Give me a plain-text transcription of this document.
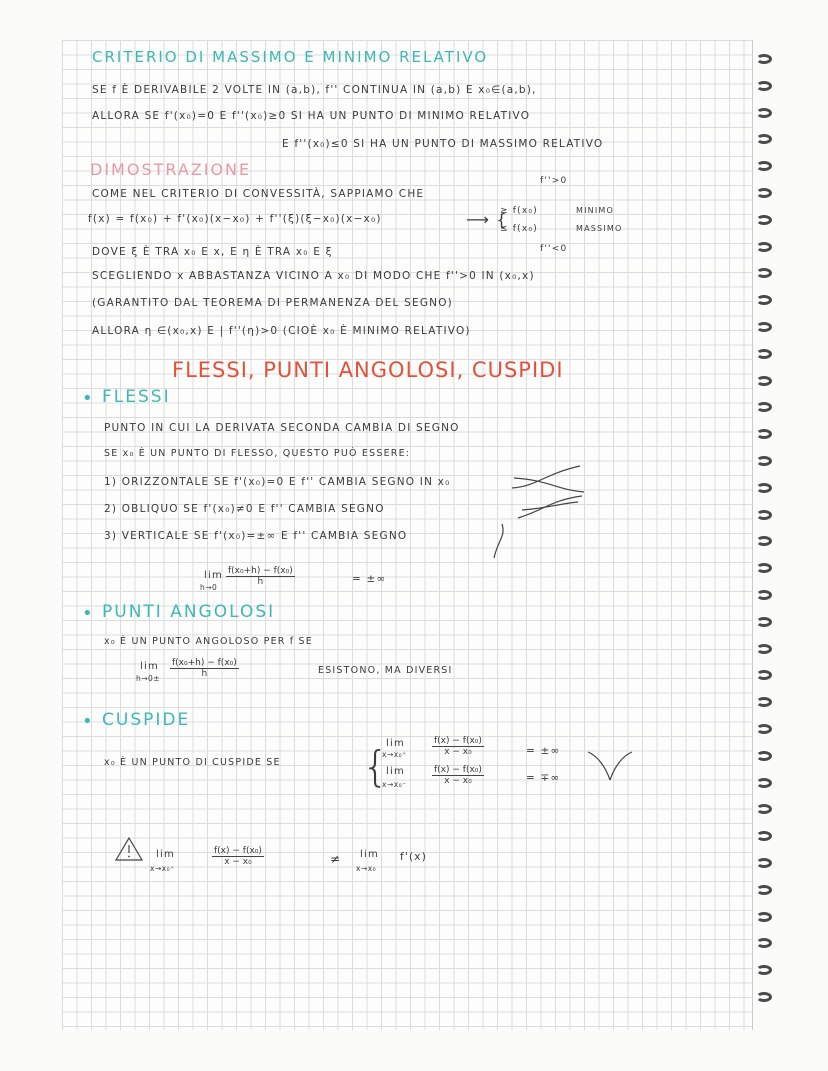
CRITERIO DI MASSIMO E MINIMO RELATIVO
SE f È DERIVABILE 2 VOLTE IN (a,b), f'' CONTINUA IN (a,b) E x₀∈(a,b),
ALLORA SE f'(x₀)=0 E f''(x₀)≥0 SI HA UN PUNTO DI MINIMO RELATIVO
E f''(x₀)≤0 SI HA UN PUNTO DI MASSIMO RELATIVO
DIMOSTRAZIONE
f''>0
COME NEL CRITERIO DI CONVESSITÀ, SAPPIAMO CHE
f(x) = f(x₀) + f'(x₀)(x−x₀) + f''(ξ)(ξ−x₀)(x−x₀)	⟶ {
≥ f(x₀)	MINIMO
≤ f(x₀)	MASSIMO
f''<0
DOVE ξ È TRA x₀ E x, E η È TRA x₀ E ξ
SCEGLIENDO x ABBASTANZA VICINO A x₀ DI MODO CHE f''>0 IN (x₀,x)
(GARANTITO DAL TEOREMA DI PERMANENZA DEL SEGNO)
ALLORA η ∈(x₀,x) E | f''(η)>0 (CIOÈ x₀ È MINIMO RELATIVO)
FLESSI, PUNTI ANGOLOSI, CUSPIDI
• FLESSI
PUNTO IN CUI LA DERIVATA SECONDA CAMBIA DI SEGNO
SE x₀ È UN PUNTO DI FLESSO, QUESTO PUÒ ESSERE:
1) ORIZZONTALE SE f'(x₀)=0 E f'' CAMBIA SEGNO IN x₀
2) OBLIQUO SE f'(x₀)≠0 E f'' CAMBIA SEGNO
3) VERTICALE SE f'(x₀)=±∞ E f'' CAMBIA SEGNO
lim
h→0
$\frac{\text{f(x₀+h) − f(x₀)}}{h}$	= ±∞
• PUNTI ANGOLOSI
x₀ È UN PUNTO ANGOLOSO PER f SE
lim
$h\to 0\pm \frac{\text{f(x₀+h) − f(x₀)}}{h}$	ESISTONO, MA DIVERSI
• CUSPIDE
x₀ È UN PUNTO DI CUSPIDE SE {
lim
x→x₀⁺	$\frac{\text{f(x) − f(x₀)}}{\text{x − x₀}}$	= ±∞
lim
x→x₀⁻	$\frac{\text{f(x) − f(x₀)}}{\text{x − x₀}}$	= ∓∞
lim
x→x₀⁺
$\frac{\text{f(x) − f(x₀)}}{\text{x − x₀}}$	≠ lim
x→x₀
f'(x)
